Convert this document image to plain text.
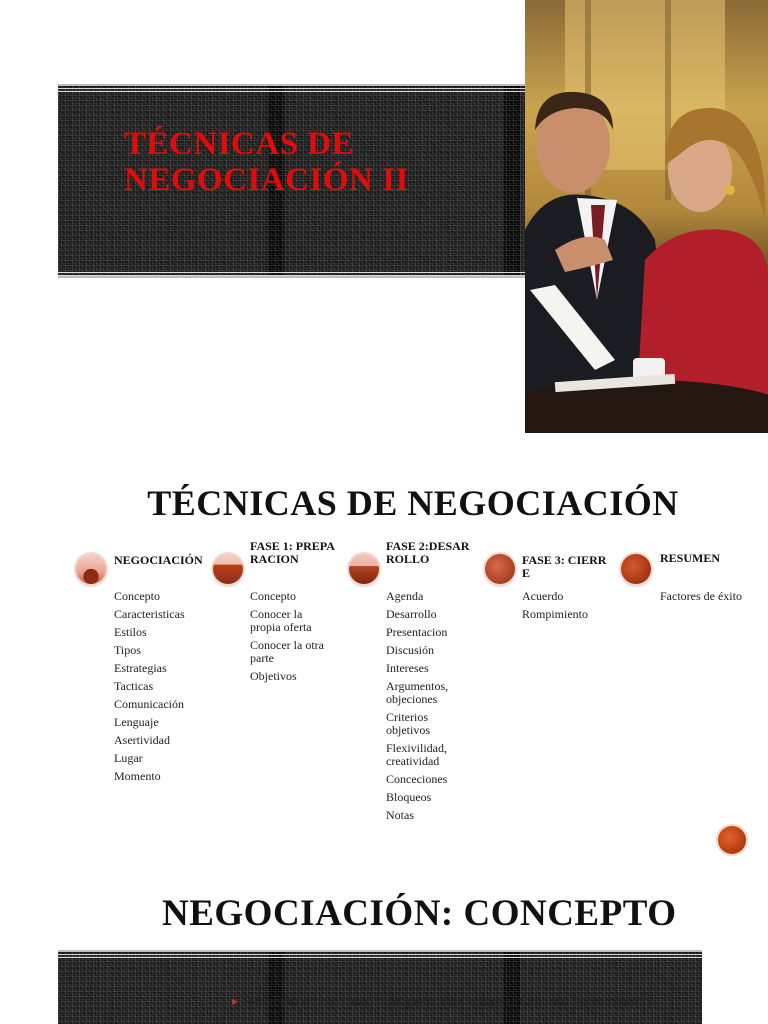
TÉCNICAS DE NEGOCIACIÓN II
TÉCNICAS DE NEGOCIACIÓN
NEGOCIACIÓN
Concepto
Caracteristicas
Estilos
Tipos
Estrategias
Tacticas
Comunicación
Lenguaje
Asertividad
Lugar
Momento
FASE 1: PREPARACION
Concepto
Conocer la propia oferta
Conocer la otra parte
Objetivos
FASE 2:DESARROLLO
Agenda
Desarrollo
Presentacion
Discusión
Intereses
Argumentos, objeciones
Criterios objetivos
Flexivilidad, creatividad
Conceciones
Bloqueos
Notas
FASE 3: CIERRE
Acuerdo
Rompimiento
RESUMEN
Factores de éxito
NEGOCIACIÓN: CONCEPTO
▸ Relación entre dos o más personas sobre un asunto determinado
